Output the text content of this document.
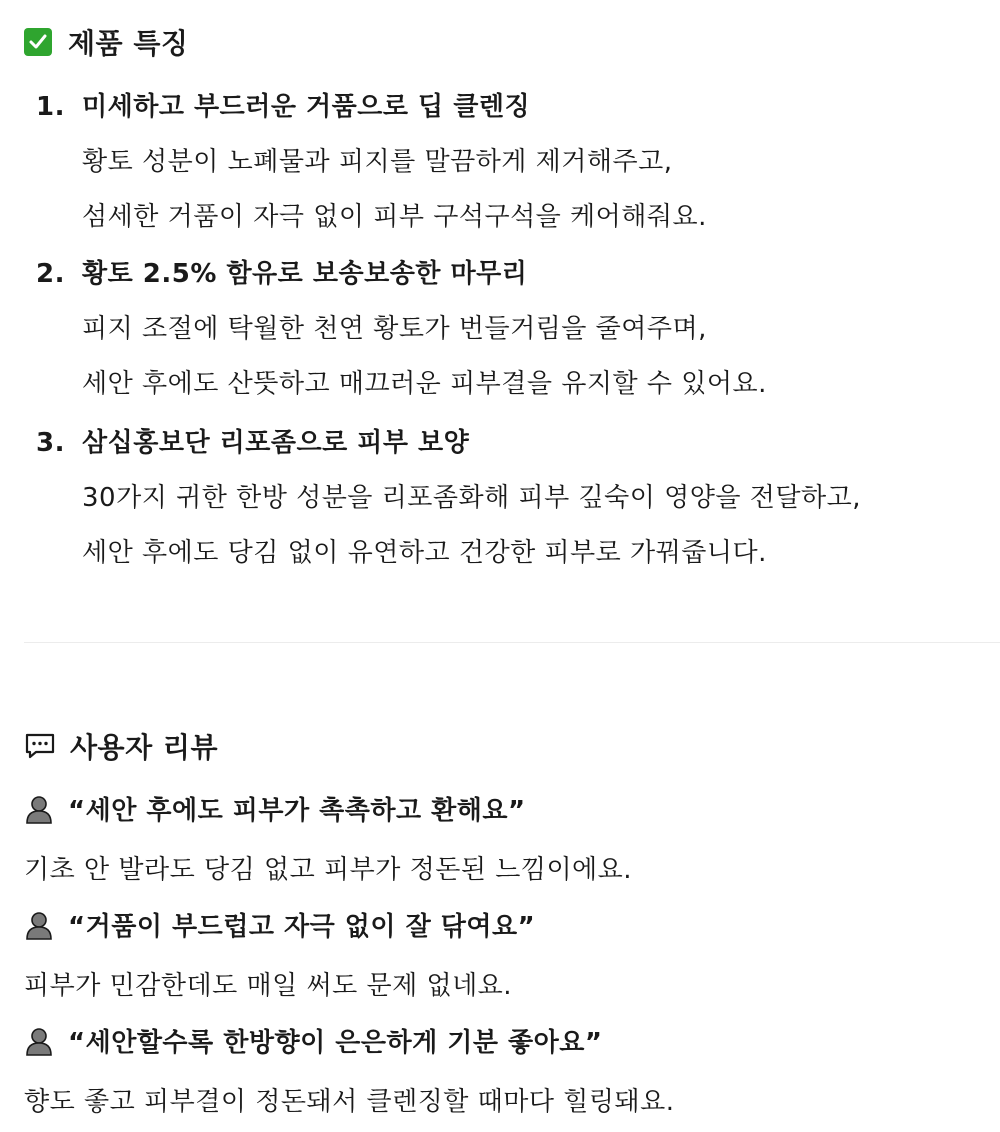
제품 특징
1. 미세하고 부드러운 거품으로 딥 클렌징
황토 성분이 노폐물과 피지를 말끔하게 제거해주고,
섬세한 거품이 자극 없이 피부 구석구석을 케어해줘요.
2. 황토 2.5% 함유로 보송보송한 마무리
피지 조절에 탁월한 천연 황토가 번들거림을 줄여주며,
세안 후에도 산뜻하고 매끄러운 피부결을 유지할 수 있어요.
3. 삼십홍보단 리포좀으로 피부 보양
30가지 귀한 한방 성분을 리포좀화해 피부 깊숙이 영양을 전달하고,
세안 후에도 당김 없이 유연하고 건강한 피부로 가꿔줍니다.
사용자 리뷰
“세안 후에도 피부가 촉촉하고 환해요”
기초 안 발라도 당김 없고 피부가 정돈된 느낌이에요.
“거품이 부드럽고 자극 없이 잘 닦여요”
피부가 민감한데도 매일 써도 문제 없네요.
“세안할수록 한방향이 은은하게 기분 좋아요”
향도 좋고 피부결이 정돈돼서 클렌징할 때마다 힐링돼요.
